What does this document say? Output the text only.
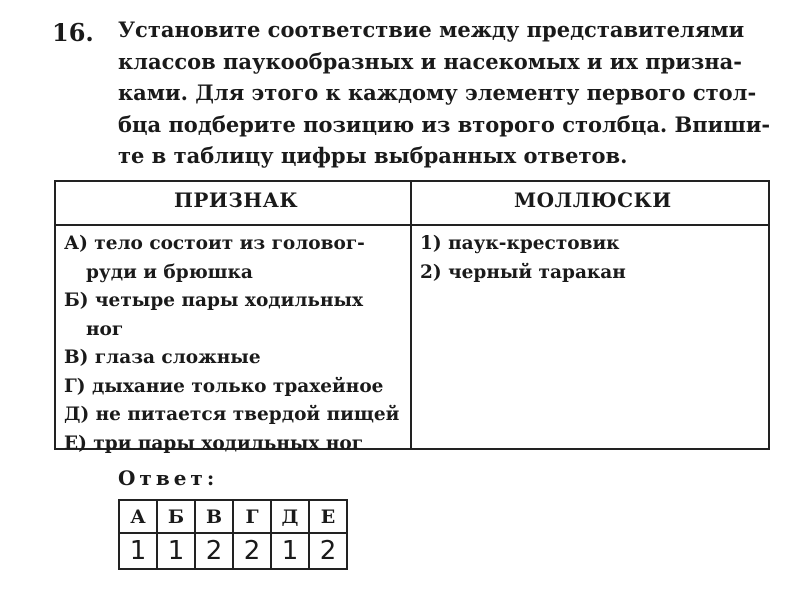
16. Установите соответствие между представителями
классов паукообразных и насекомых и их призна-
ками. Для этого к каждому элементу первого стол-
бца подберите позицию из второго столбца. Впиши-
те в таблицу цифры выбранных ответов.
ПРИЗНАК	МОЛЛЮСКИ
А) тело состоит из головог-
руди и брюшка
Б) четыре пары ходильных
ног
В) глаза сложные
Г) дыхание только трахейное
Д) не питается твердой пищей
Е) три пары ходильных ног
1) паук-крестовик
2) черный таракан
Ответ:
А	Б	В	Г	Д	Е
1	1	2	2	1	2
